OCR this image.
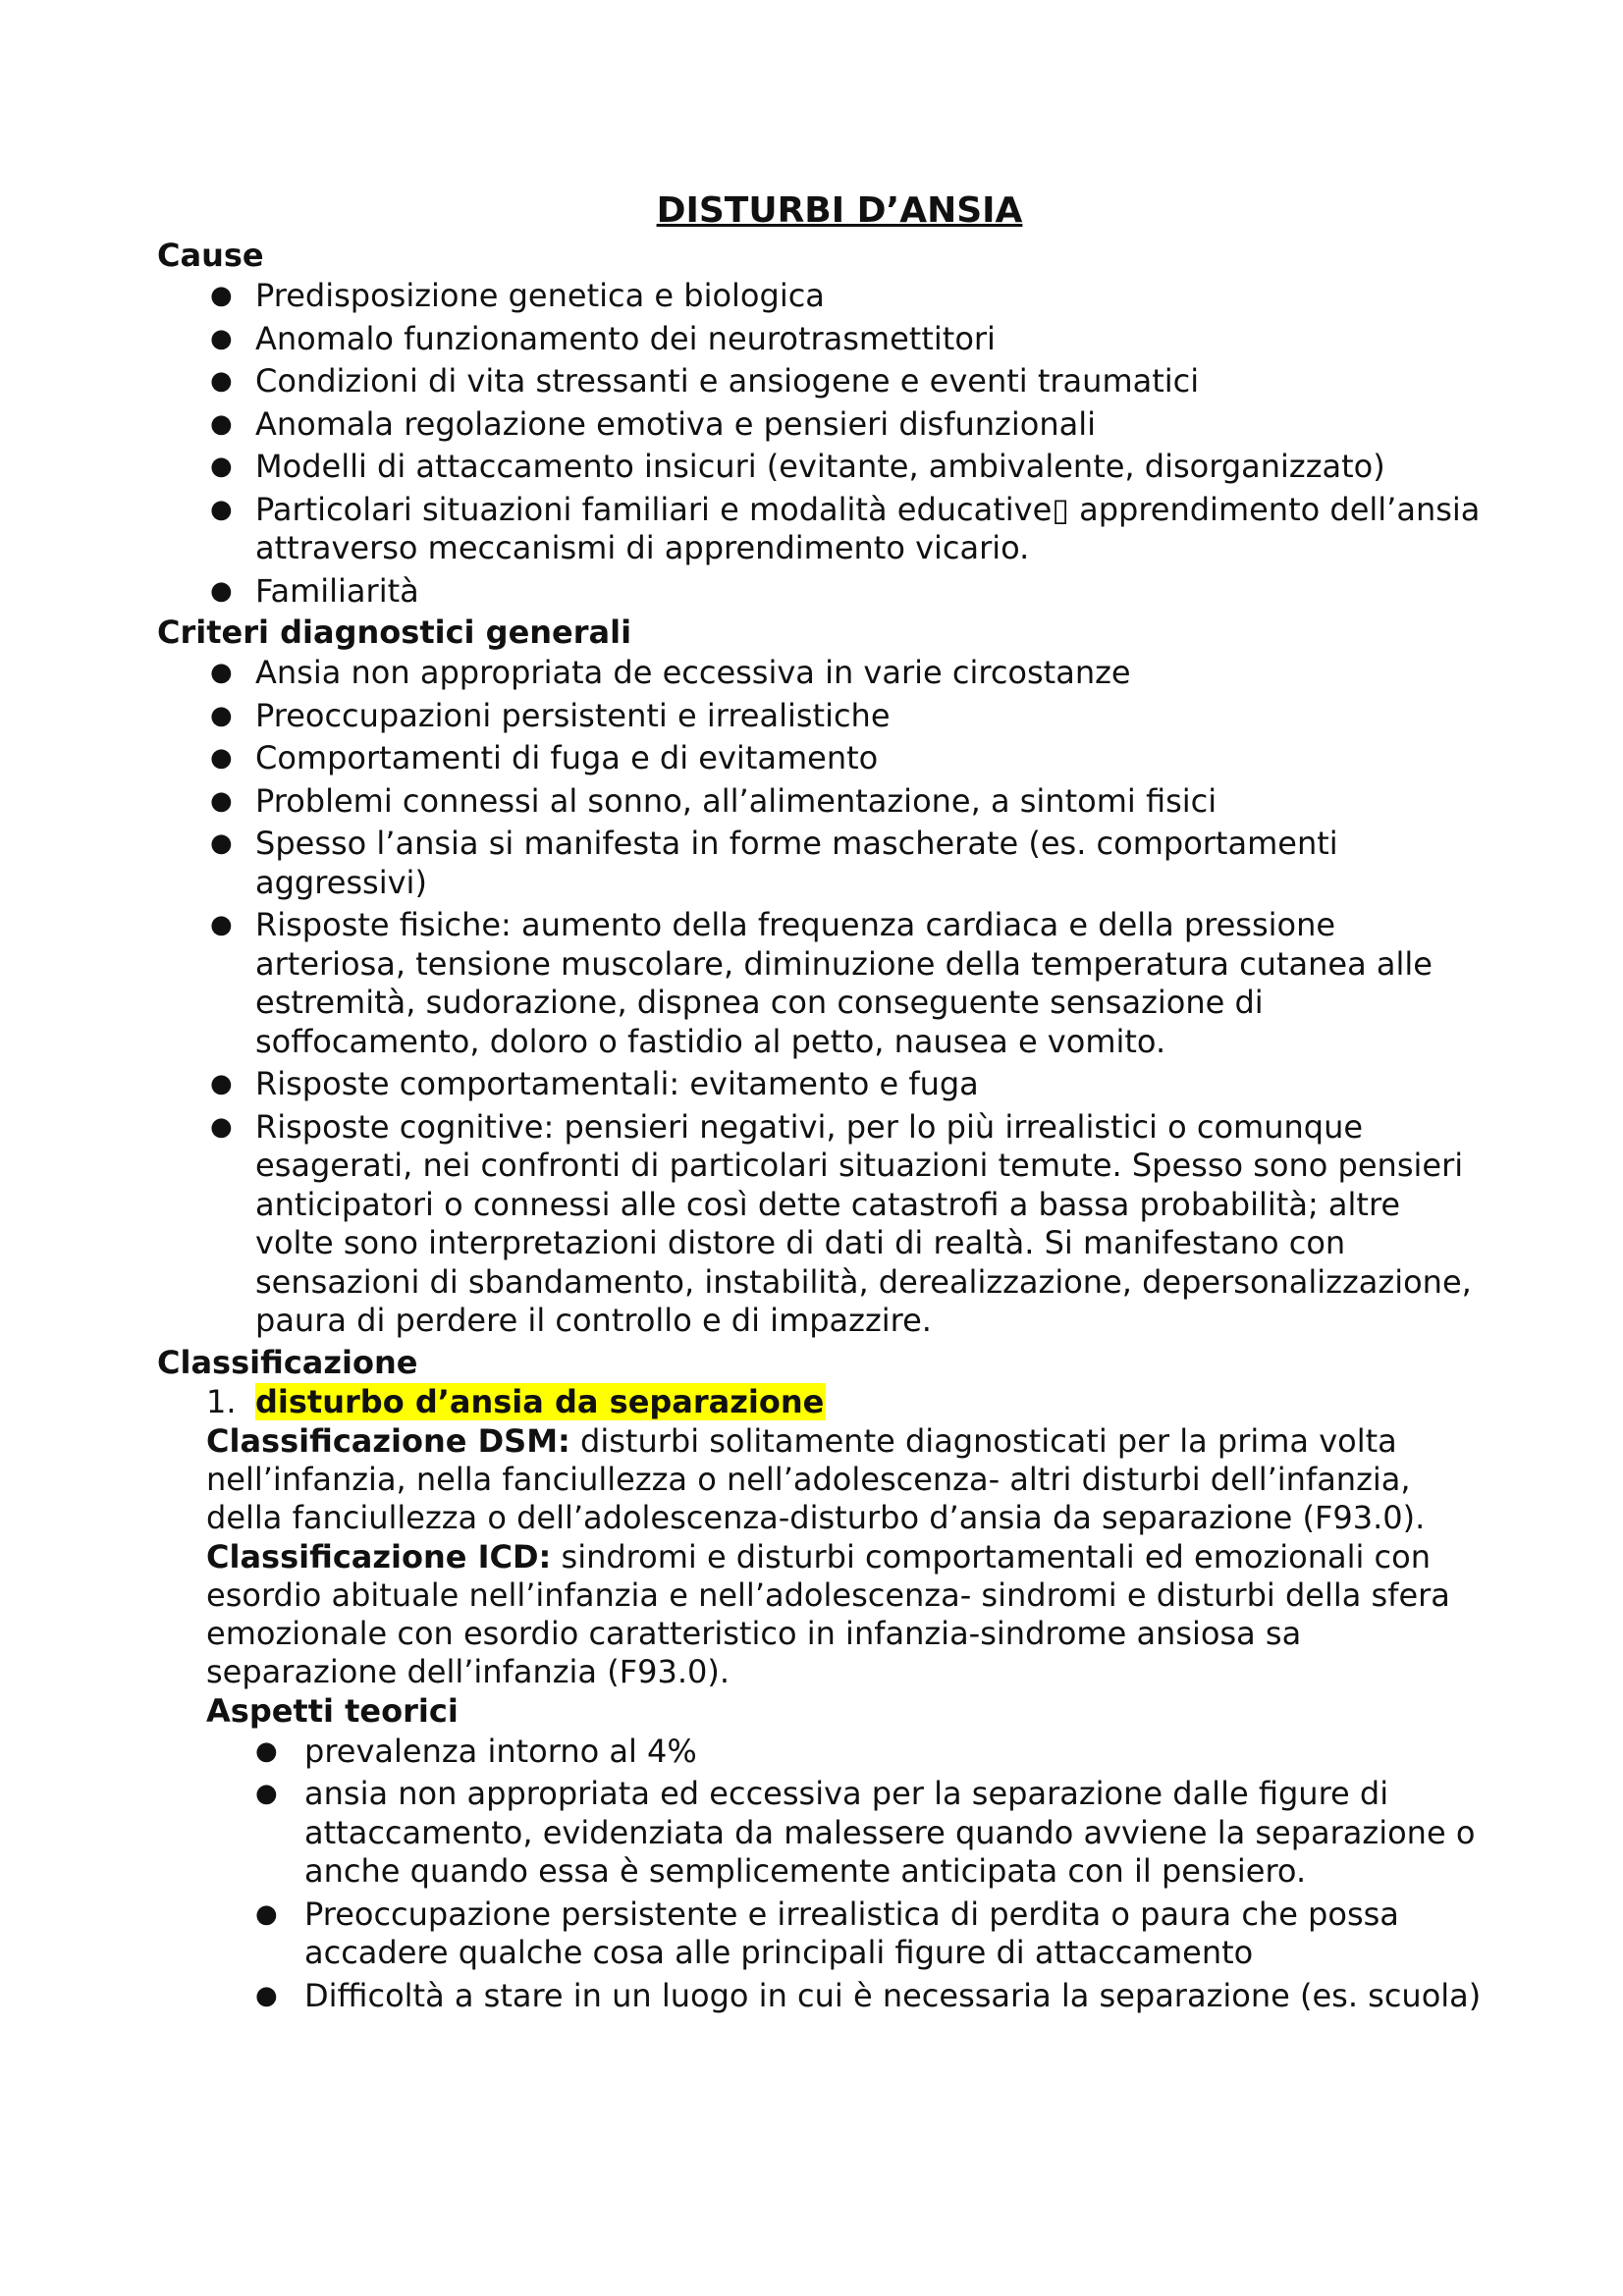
DISTURBI D’ANSIA
Cause
● Predisposizione genetica e biologica
● Anomalo funzionamento dei neurotrasmettitori
● Condizioni di vita stressanti e ansiogene e eventi traumatici
● Anomala regolazione emotiva e pensieri disfunzionali
● Modelli di attaccamento insicuri (evitante, ambivalente, disorganizzato)
● Particolari situazioni familiari e modalità educative▯ apprendimento dell’ansia attraverso meccanismi di apprendimento vicario.
● Familiarità
Criteri diagnostici generali
● Ansia non appropriata de eccessiva in varie circostanze
● Preoccupazioni persistenti e irrealistiche
● Comportamenti di fuga e di evitamento
● Problemi connessi al sonno, all’alimentazione, a sintomi fisici
● Spesso l’ansia si manifesta in forme mascherate (es. comportamenti aggressivi)
● Risposte fisiche: aumento della frequenza cardiaca e della pressione arteriosa, tensione muscolare, diminuzione della temperatura cutanea alle estremità, sudorazione, dispnea con conseguente sensazione di soffocamento, doloro o fastidio al petto, nausea e vomito.
● Risposte comportamentali: evitamento e fuga
● Risposte cognitive: pensieri negativi, per lo più irrealistici o comunque esagerati, nei confronti di particolari situazioni temute. Spesso sono pensieri anticipatori o connessi alle così dette catastrofi a bassa probabilità; altre volte sono interpretazioni distore di dati di realtà. Si manifestano con sensazioni di sbandamento, instabilità, derealizzazione, depersonalizzazione, paura di perdere il controllo e di impazzire.
Classificazione
1. disturbo d’ansia da separazione

Classificazione DSM: disturbi solitamente diagnosticati per la prima volta nell’infanzia, nella fanciullezza o nell’adolescenza- altri disturbi dell’infanzia, della fanciullezza o dell’adolescenza-disturbo d’ansia da separazione (F93.0).

Classificazione ICD: sindromi e disturbi comportamentali ed emozionali con esordio abituale nell’infanzia e nell’adolescenza- sindromi e disturbi della sfera emozionale con esordio caratteristico in infanzia-sindrome ansiosa sa separazione dell’infanzia (F93.0).

Aspetti teorici
● prevalenza intorno al 4%
● ansia non appropriata ed eccessiva per la separazione dalle figure di attaccamento, evidenziata da malessere quando avviene la separazione o anche quando essa è semplicemente anticipata con il pensiero.
● Preoccupazione persistente e irrealistica di perdita o paura che possa accadere qualche cosa alle principali figure di attaccamento
● Difficoltà a stare in un luogo in cui è necessaria la separazione (es. scuola)
